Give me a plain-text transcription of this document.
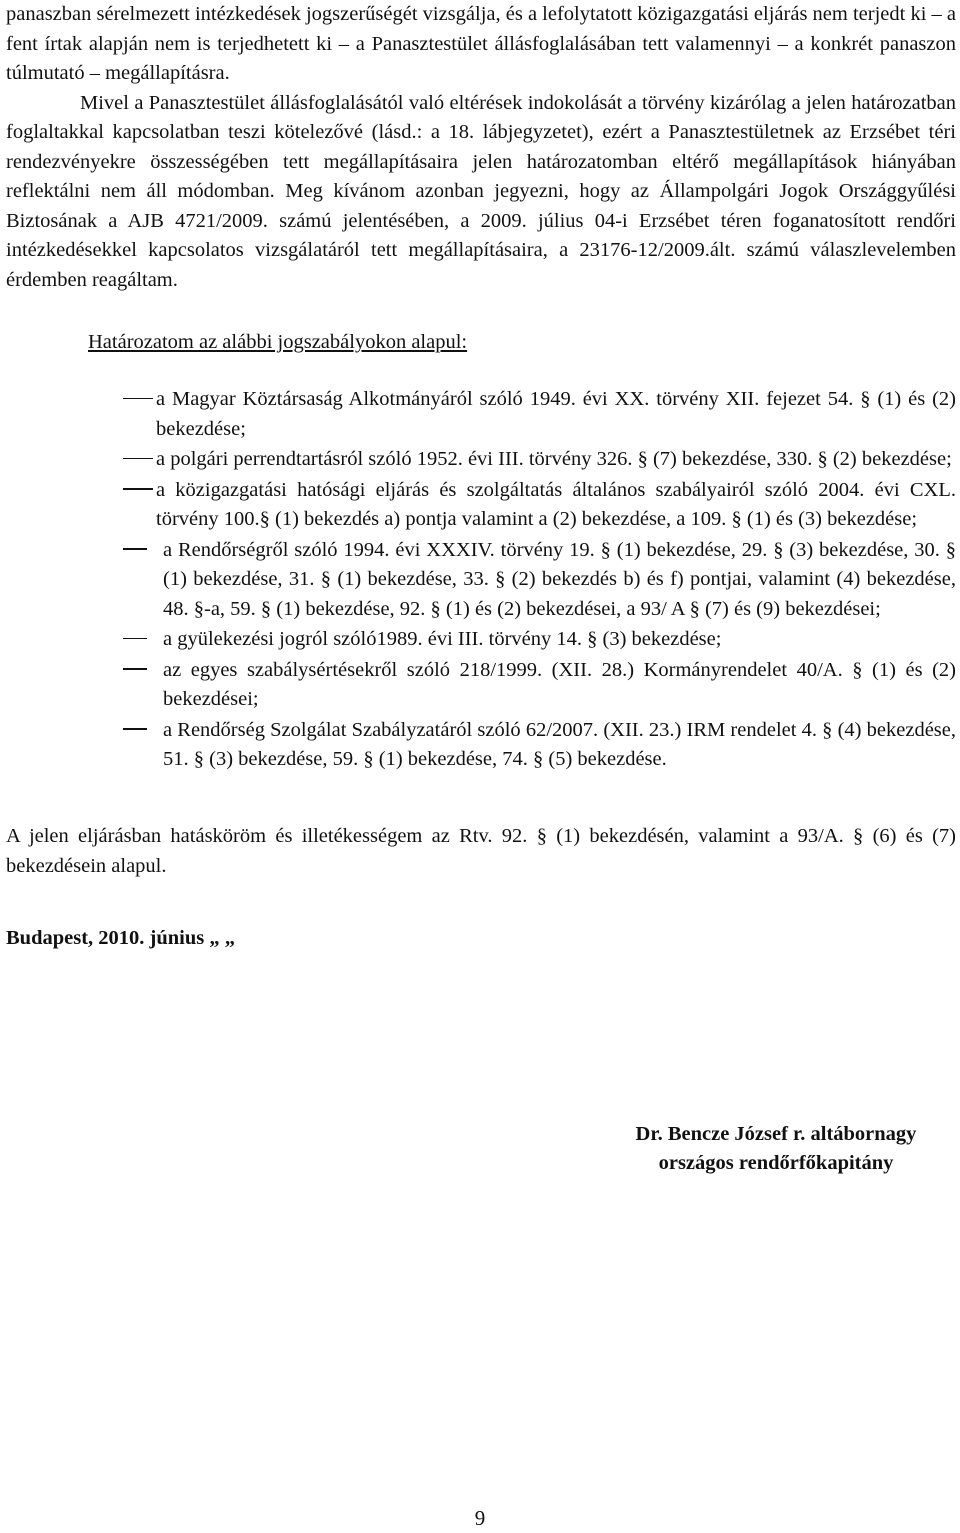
panaszban sérelmezett intézkedések jogszerűségét vizsgálja, és a lefolytatott közigazgatási eljárás nem terjedt ki – a fent írtak alapján nem is terjedhetett ki – a Panasztestület állásfoglalásában tett valamennyi – a konkrét panaszon túlmutató – megállapításra.

Mivel a Panasztestület állásfoglalásától való eltérések indokolását a törvény kizárólag a jelen határozatban foglaltakkal kapcsolatban teszi kötelezővé (lásd.: a 18. lábjegyzetet), ezért a Panasztestületnek az Erzsébet téri rendezvényekre összességében tett megállapításaira jelen határozatomban eltérő megállapítások hiányában reflektálni nem áll módomban. Meg kívánom azonban jegyezni, hogy az Állampolgári Jogok Országgyűlési Biztosának a AJB 4721/2009. számú jelentésében, a 2009. július 04-i Erzsébet téren foganatosított rendőri intézkedésekkel kapcsolatos vizsgálatáról tett megállapításaira, a 23176-12/2009.ált. számú válaszlevelemben érdemben reagáltam.

Határozatom az alábbi jogszabályokon alapul:

a Magyar Köztársaság Alkotmányáról szóló 1949. évi XX. törvény XII. fejezet 54. § (1) és (2) bekezdése;
a polgári perrendtartásról szóló 1952. évi III. törvény 326. § (7) bekezdése, 330. § (2) bekezdése;
a közigazgatási hatósági eljárás és szolgáltatás általános szabályairól szóló 2004. évi CXL. törvény 100.§ (1) bekezdés a) pontja valamint a (2) bekezdése, a 109. § (1) és (3) bekezdése;
a Rendőrségről szóló 1994. évi XXXIV. törvény 19. § (1) bekezdése, 29. § (3) bekezdése, 30. § (1) bekezdése, 31. § (1) bekezdése, 33. § (2) bekezdés b) és f) pontjai, valamint (4) bekezdése, 48. §-a, 59. § (1) bekezdése, 92. § (1) és (2) bekezdései, a 93/ A § (7) és (9) bekezdései;
a gyülekezési jogról szóló1989. évi III. törvény 14. § (3) bekezdése;
az egyes szabálysértésekről szóló 218/1999. (XII. 28.) Kormányrendelet 40/A. § (1) és (2) bekezdései;
a Rendőrség Szolgálat Szabályzatáról szóló 62/2007. (XII. 23.) IRM rendelet 4. § (4) bekezdése, 51. § (3) bekezdése, 59. § (1) bekezdése, 74. § (5) bekezdése.

A jelen eljárásban hatásköröm és illetékességem az Rtv. 92. § (1) bekezdésén, valamint a 93/A. § (6) és (7) bekezdésein alapul.

Budapest, 2010. június „ „

Dr. Bencze József r. altábornagy
országos rendőrfőkapitány
9
